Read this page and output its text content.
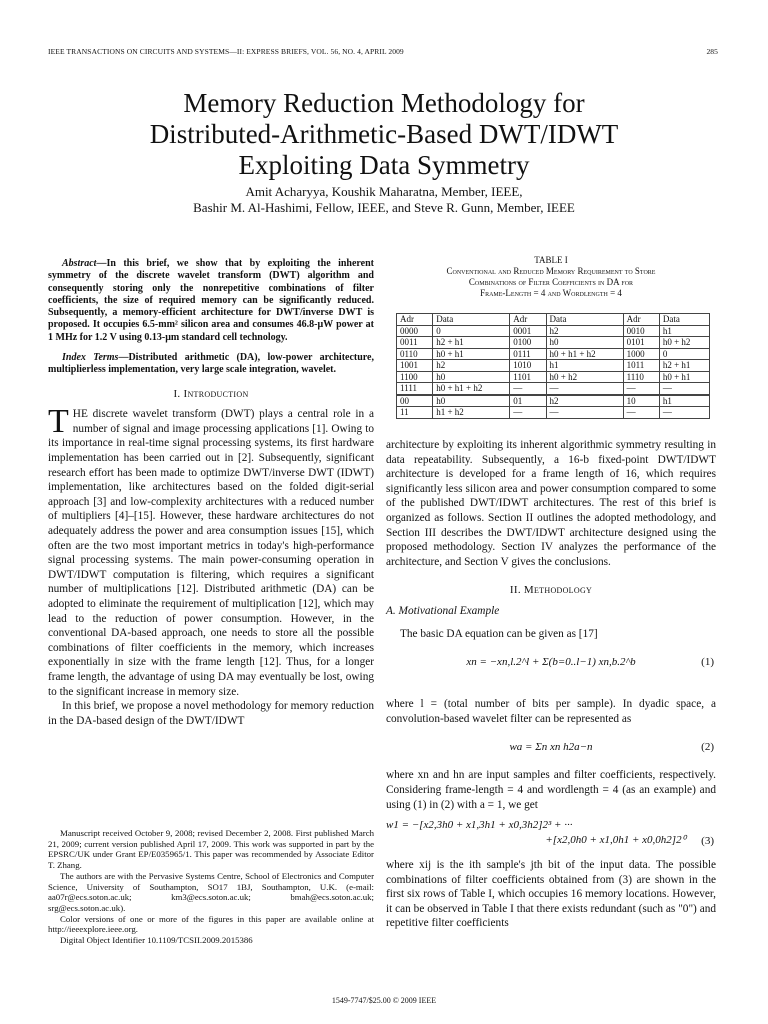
IEEE TRANSACTIONS ON CIRCUITS AND SYSTEMS—II: EXPRESS BRIEFS, VOL. 56, NO. 4, APRIL 2009	285
Memory Reduction Methodology for
Distributed-Arithmetic-Based DWT/IDWT
Exploiting Data Symmetry
Amit Acharyya, Koushik Maharatna, Member, IEEE,
Bashir M. Al-Hashimi, Fellow, IEEE, and Steve R. Gunn, Member, IEEE

Abstract—In this brief, we show that by exploiting the inherent symmetry of the discrete wavelet transform (DWT) algorithm and consequently storing only the nonrepetitive combinations of filter coefficients, the size of required memory can be significantly reduced. Subsequently, a memory-efficient architecture for DWT/inverse DWT is proposed. It occupies 6.5-mm² silicon area and consumes 46.8-μW power at 1 MHz for 1.2 V using 0.13-μm standard cell technology.

Index Terms—Distributed arithmetic (DA), low-power architecture, multiplierless implementation, very large scale integration, wavelet.

I. Introduction

THE discrete wavelet transform (DWT) plays a central role in a number of signal and image processing applications [1]. Owing to its importance in real-time signal processing systems, its first hardware implementation has been carried out in [2]. Subsequently, significant research effort has been made to optimize DWT/inverse DWT (IDWT) implementation, like architectures based on the folded digit-serial approach [3] and low-complexity architectures with a reduced number of multipliers [4]–[15]. However, these hardware architectures do not adequately address the power and area consumption issues [15], which often are the two most important metrics in today's high-performance signal processing systems. The main power-consuming operation in DWT/IDWT computation is filtering, which requires a significant number of multiplications [12]. Distributed arithmetic (DA) can be adopted to eliminate the requirement of multiplication [12], which may lead to the reduction of power consumption. However, in the conventional DA-based approach, one needs to store all the possible combinations of filter coefficients in the memory, which increases exponentially in size with the frame length [12]. Thus, for a longer frame length, the advantage of using DA may eventually be lost, owing to the significant increase in memory size.

In this brief, we propose a novel methodology for memory reduction in the DA-based design of the DWT/IDWT

Manuscript received October 9, 2008; revised December 2, 2008. First published March 21, 2009; current version published April 17, 2009. This work was supported in part by the EPSRC/UK under Grant EP/E035965/1. This paper was recommended by Associate Editor T. Zhang.

The authors are with the Pervasive Systems Centre, School of Electronics and Computer Science, University of Southampton, SO17 1BJ, Southampton, U.K. (e-mail: aa07r@ecs.soton.ac.uk; km3@ecs.soton.ac.uk; bmah@ecs.soton.ac.uk; srg@ecs.soton.ac.uk).

Color versions of one or more of the figures in this paper are available online at http://ieeexplore.ieee.org.

Digital Object Identifier 10.1109/TCSII.2009.2015386

TABLE I
Conventional and Reduced Memory Requirement to Store
Combinations of Filter Coefficients in DA for
Frame-Length = 4 and Wordlength = 4
Adr	Data	Adr	Data	Adr	Data
0000	0	0001	h2	0010	h1
0011	h2 + h1	0100	h0	0101	h0 + h2
0110	h0 + h1	0111	h0 + h1 + h2	1000	0
1001	h2	1010	h1	1011	h2 + h1
1100	h0	1101	h0 + h2	1110	h0 + h1
1111	h0 + h1 + h2	—	—	—	—
00	h0	01	h2	10	h1
11	h1 + h2	—	—	—	—

architecture by exploiting its inherent algorithmic symmetry resulting in data repeatability. Subsequently, a 16-b fixed-point DWT/IDWT architecture is developed for a frame length of 16, which requires significantly less silicon area and power consumption compared to some of the published DWT/IDWT architectures. The rest of this brief is organized as follows. Section II outlines the adopted methodology, and Section III describes the DWT/IDWT architecture designed using the proposed methodology. Section IV analyzes the performance of the architecture, and Section V gives the conclusions.

II. Methodology
A. Motivational Example

The basic DA equation can be given as [17]

xn = −xn,l.2^l + Σ(b=0..l−1) xn,b.2^b	(1)

where l = (total number of bits per sample). In dyadic space, a convolution-based wavelet filter can be represented as

wa = Σn xn h2a−n	(2)

where xn and hn are input samples and filter coefficients, respectively. Considering frame-length = 4 and wordlength = 4 (as an example) and using (1) in (2) with a = 1, we get

w1 = −[x2,3h0 + x1,3h1 + x0,3h2]2³ + ···
+[x2,0h0 + x1,0h1 + x0,0h2]2⁰	(3)

where xij is the ith sample's jth bit of the input data. The possible combinations of filter coefficients obtained from (3) are shown in the first six rows of Table I, which occupies 16 memory locations. However, it can be observed in Table I that there exists redundant (such as "0") and repetitive filter coefficients

1549-7747/$25.00 © 2009 IEEE
